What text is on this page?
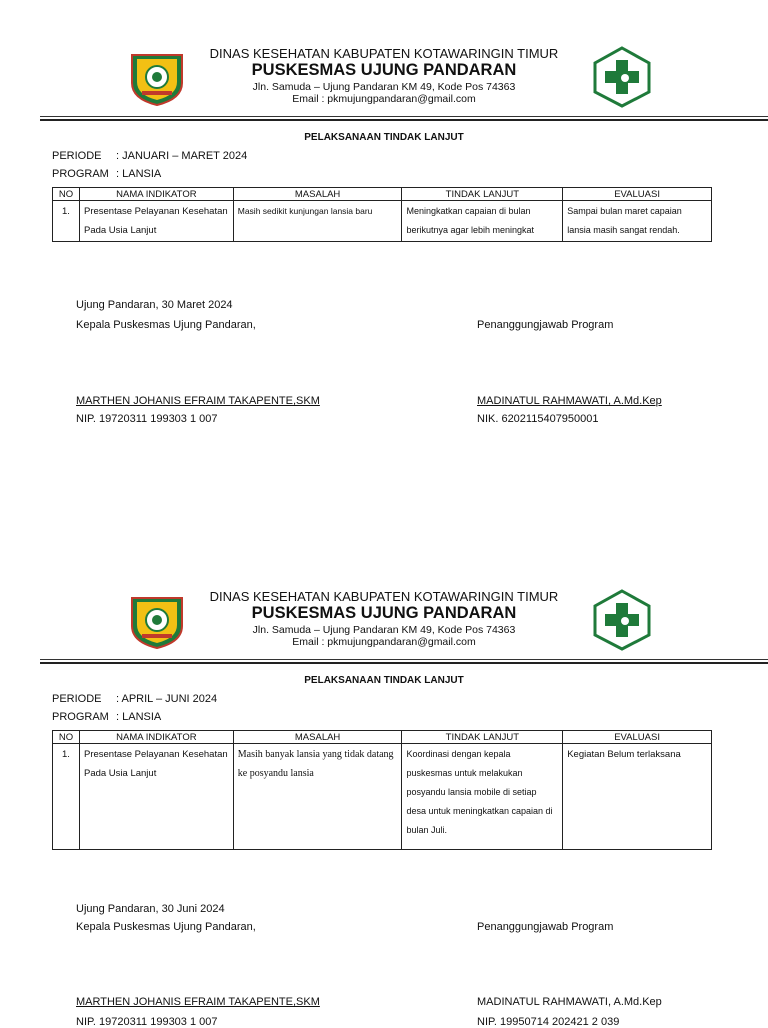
DINAS KESEHATAN KABUPATEN KOTAWARINGIN TIMUR
PUSKESMAS UJUNG PANDARAN
Jln. Samuda – Ujung Pandaran KM 49, Kode Pos 74363
Email : pkmujungpandaran@gmail.com
PELAKSANAAN TINDAK LANJUT
PERIODE : JANUARI – MARET 2024
PROGRAM : LANSIA
NO	NAMA INDIKATOR	MASALAH	TINDAK LANJUT	EVALUASI
1.	Presentase Pelayanan Kesehatan Pada Usia Lanjut	Masih sedikit kunjungan lansia baru	Meningkatkan capaian di bulan berikutnya agar lebih meningkat	Sampai bulan maret capaian lansia masih sangat rendah.
Ujung Pandaran, 30 Maret 2024
Kepala Puskesmas Ujung Pandaran,	Penanggungjawab Program
MARTHEN JOHANIS EFRAIM TAKAPENTE,SKM
NIP. 19720311 199303 1 007
MADINATUL RAHMAWATI, A.Md.Kep
NIK. 6202115407950001
DINAS KESEHATAN KABUPATEN KOTAWARINGIN TIMUR
PUSKESMAS UJUNG PANDARAN
Jln. Samuda – Ujung Pandaran KM 49, Kode Pos 74363
Email : pkmujungpandaran@gmail.com
PELAKSANAAN TINDAK LANJUT
PERIODE : APRIL – JUNI 2024
PROGRAM : LANSIA
NO	NAMA INDIKATOR	MASALAH	TINDAK LANJUT	EVALUASI
1.	Presentase Pelayanan Kesehatan Pada Usia Lanjut	Masih banyak lansia yang tidak datang ke posyandu lansia	Koordinasi dengan kepala puskesmas untuk melakukan posyandu lansia mobile di setiap desa untuk meningkatkan capaian di bulan Juli.	Kegiatan Belum terlaksana
Ujung Pandaran, 30 Juni 2024
Kepala Puskesmas Ujung Pandaran,	Penanggungjawab Program
MARTHEN JOHANIS EFRAIM TAKAPENTE,SKM
NIP. 19720311 199303 1 007
MADINATUL RAHMAWATI, A.Md.Kep
NIP. 19950714 202421 2 039
